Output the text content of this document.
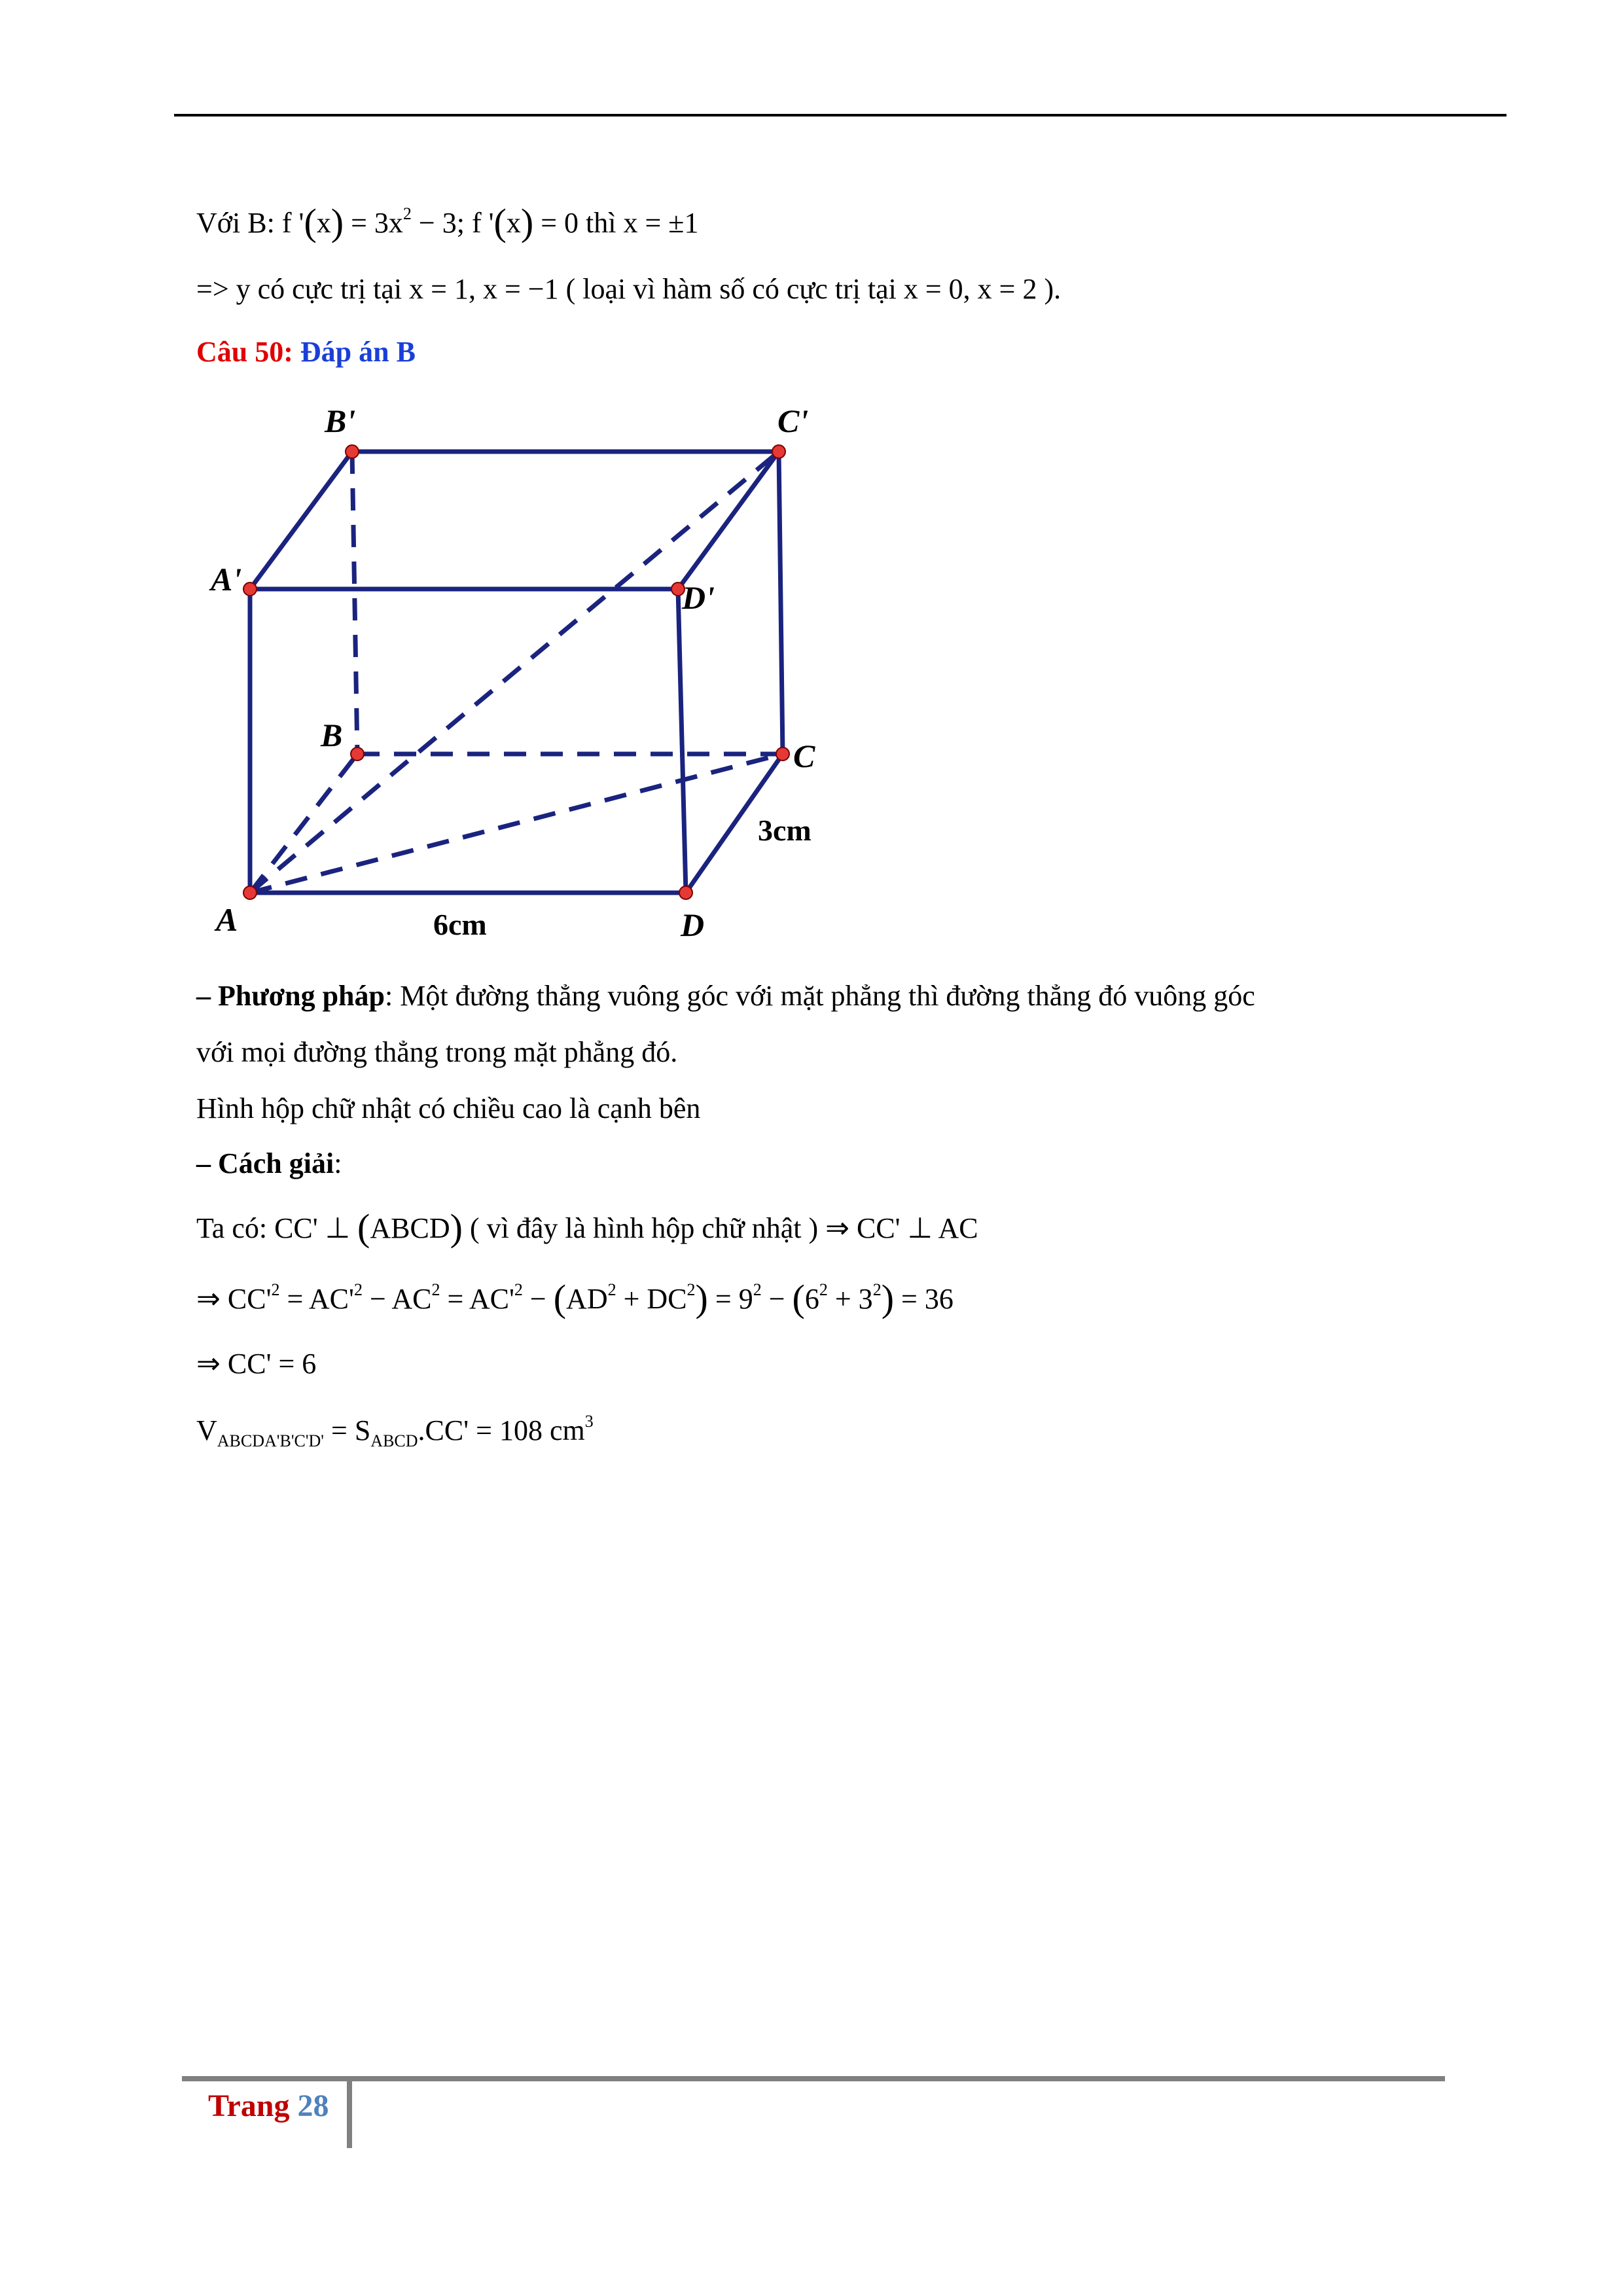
Với B: f '$(x) = 3x^2 - 3$; f '(x) = 0 thì x = ±1
=> y có cực trị tại x = 1, x = −1 ( loại vì hàm số có cực trị tại x = 0, x = 2 ).
Câu 50: Đáp án B
A
B
C
D
A'
B'	C'
D'
6cm
3cm
– Phương pháp: Một đường thẳng vuông góc với mặt phẳng thì đường thẳng đó vuông góc
với mọi đường thẳng trong mặt phẳng đó.
Hình hộp chữ nhật có chiều cao là cạnh bên
– Cách giải:
Ta có: CC' ⊥ (ABCD) ( vì đây là hình hộp chữ nhật ) ⇒ CC' ⊥ AC
⇒ $CC'^2 = AC'^2 - AC^2 = AC'^2 - (AD^2 + DC^2) = 9^2 - (6^2 + 3^2) = 36$
⇒ CC' = 6
$V_{ABCDA'B'C'D'} = S_{ABCD}.CC' = 108$ $cm^3$
Trang 28
